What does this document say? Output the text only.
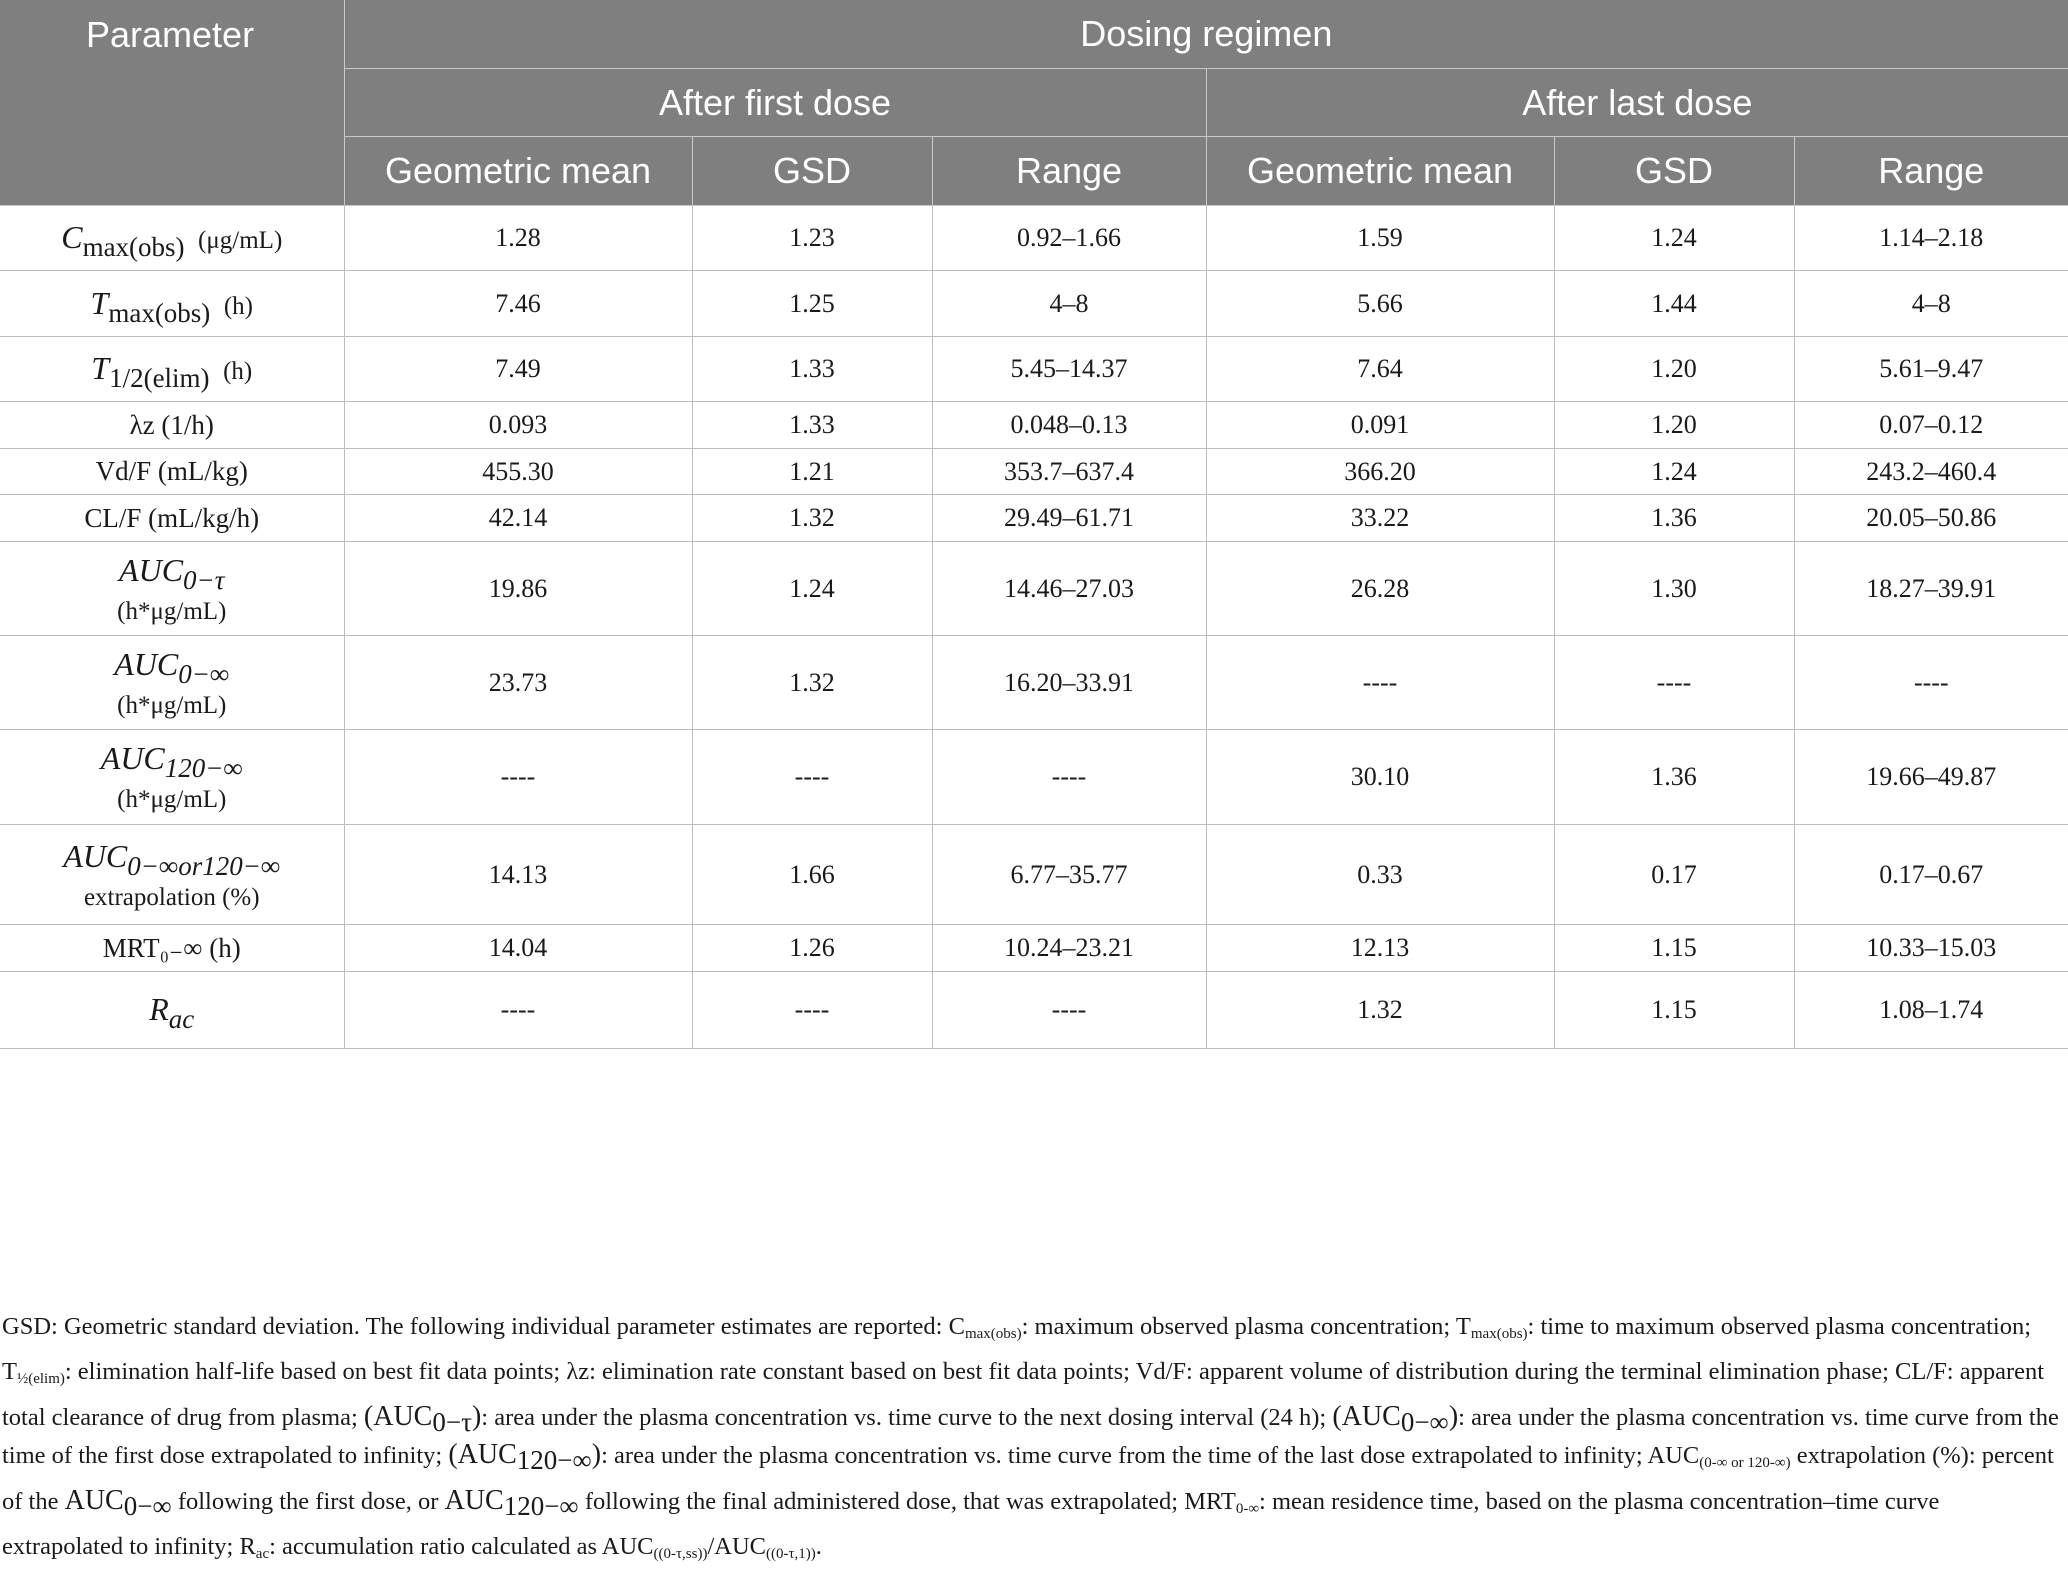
Parameter	Dosing regimen					
	After first dose			After last dose		
	Geometric mean	GSD	Range	Geometric mean	GSD	Range
Cmax(obs) (μg/mL)	1.28	1.23	0.92–1.66	1.59	1.24	1.14–2.18
Tmax(obs) (h)	7.46	1.25	4–8	5.66	1.44	4–8
T1/2(elim) (h)	7.49	1.33	5.45–14.37	7.64	1.20	5.61–9.47
λz (1/h)	0.093	1.33	0.048–0.13	0.091	1.20	0.07–0.12
Vd/F (mL/kg)	455.30	1.21	353.7–637.4	366.20	1.24	243.2–460.4
CL/F (mL/kg/h)	42.14	1.32	29.49–61.71	33.22	1.36	20.05–50.86
AUC0−τ
(h*μg/mL)	19.86	1.24	14.46–27.03	26.28	1.30	18.27–39.91
AUC0−∞
(h*μg/mL)	23.73	1.32	16.20–33.91	----	----	----
AUC120−∞
(h*μg/mL)	----	----	----	30.10	1.36	19.66–49.87
AUC0−∞or120−∞
extrapolation (%)	14.13	1.66	6.77–35.77	0.33	0.17	0.17–0.67
MRT₀₋∞ (h)	14.04	1.26	10.24–23.21	12.13	1.15	10.33–15.03
Rac	----	----	----	1.32	1.15	1.08–1.74
GSD: Geometric standard deviation. The following individual parameter estimates are reported: Cmax(obs): maximum observed plasma concentration; Tmax(obs): time to maximum observed plasma concentration; T½(elim): elimination half-life based on best fit data points; λz: elimination rate constant based on best fit data points; Vd/F: apparent volume of distribution during the terminal elimination phase; CL/F: apparent total clearance of drug from plasma; (AUC0−τ): area under the plasma concentration vs. time curve to the next dosing interval (24 h); (AUC0−∞): area under the plasma concentration vs. time curve from the time of the first dose extrapolated to infinity; (AUC120−∞): area under the plasma concentration vs. time curve from the time of the last dose extrapolated to infinity; AUC(0-∞ or 120-∞) extrapolation (%): percent of the AUC0−∞ following the first dose, or AUC120−∞ following the final administered dose, that was extrapolated; MRT0-∞: mean residence time, based on the plasma concentration–time curve extrapolated to infinity; Rac: accumulation ratio calculated as AUC((0-τ,ss))/AUC((0-τ,1)).
